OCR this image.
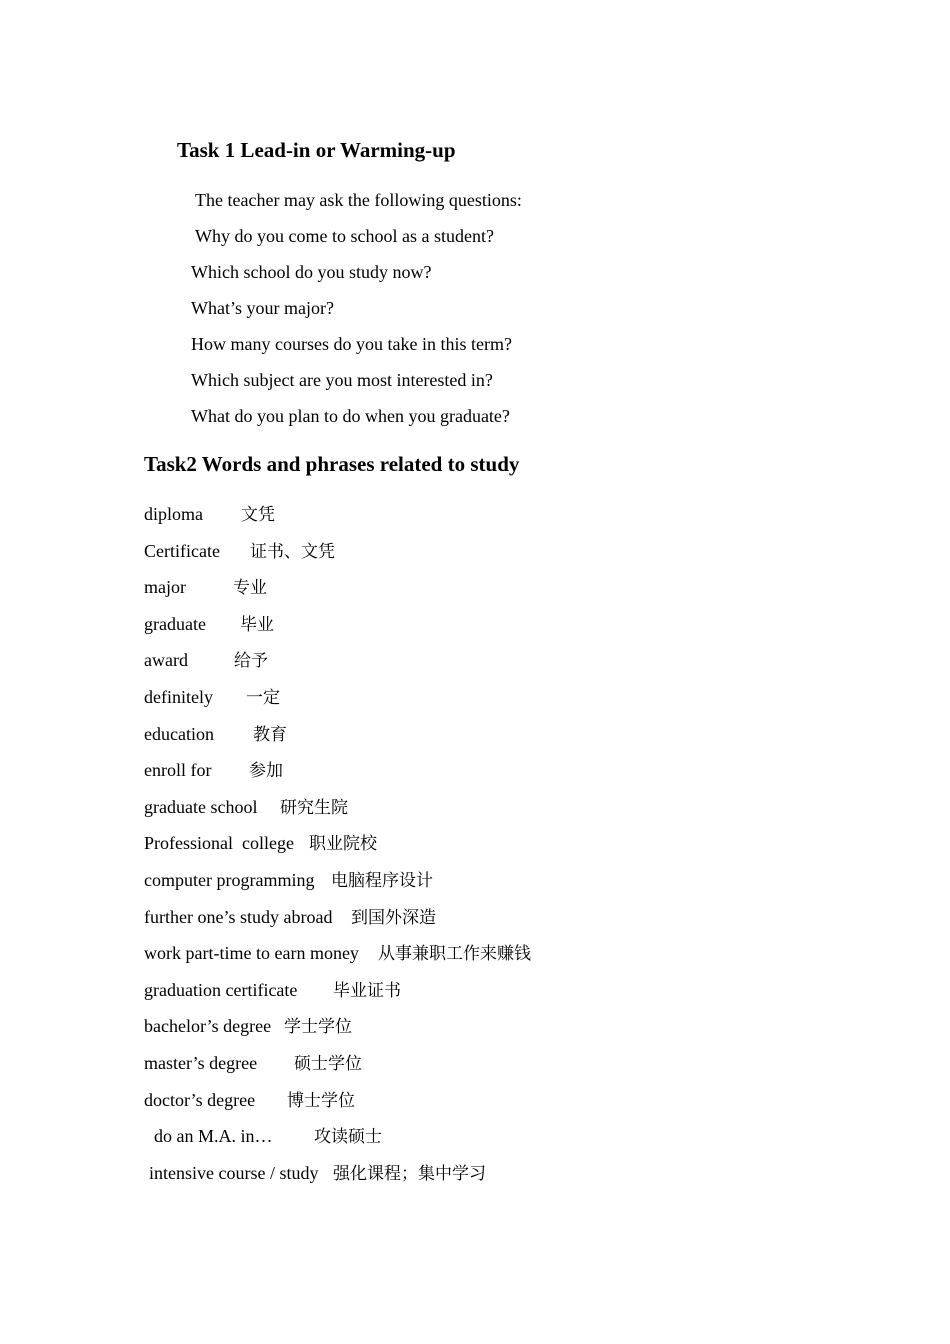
Task 1 Lead-in or Warming-up
The teacher may ask the following questions:
Why do you come to school as a student?
Which school do you study now?
What’s your major?
How many courses do you take in this term?
Which subject are you most interested in?
What do you plan to do when you graduate?
Task2 Words and phrases related to study
diploma 文凭
Certificate 证书、文凭
major	专业
graduate 毕业
award	给予
definitely 一定
education 教育
enroll for 参加
graduate school 研究生院
Professional  college 职业院校
computer programming 电脑程序设计
further one’s study abroad 到国外深造
work part-time to earn money 从事兼职工作来赚钱
graduation certificate 毕业证书
bachelor’s degree 学士学位
master’s degree 硕士学位
doctor’s degree 博士学位
do an M.A. in… 攻读硕士
intensive course / study 强化课程；集中学习
